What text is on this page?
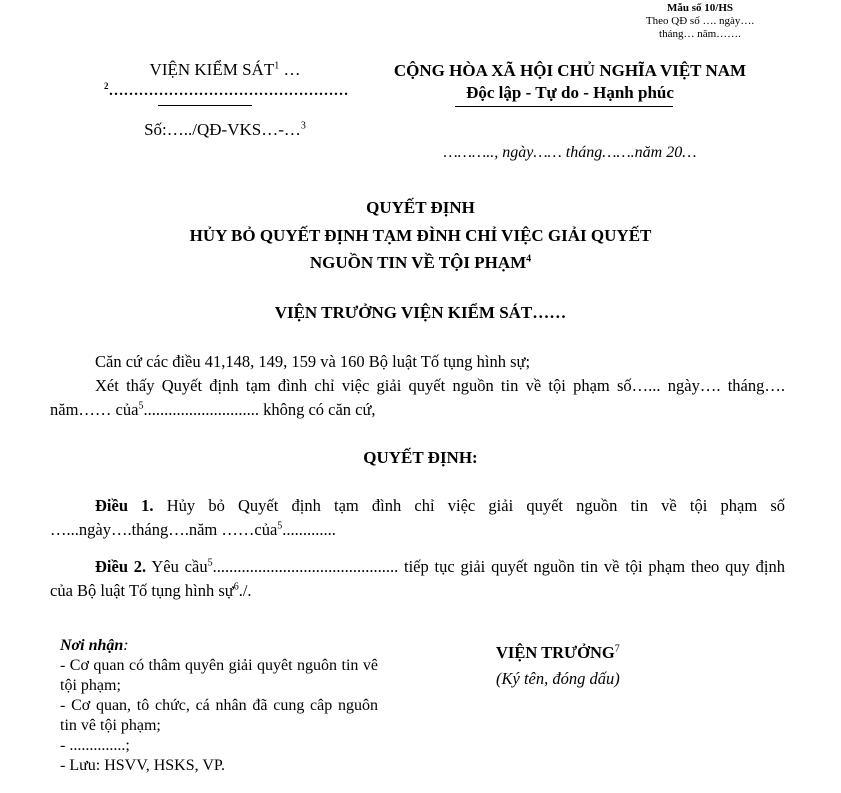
Mẫu số 10/HS
Theo QĐ số …. ngày….
tháng… năm…….
VIỆN KIỂM SÁT$^1$ …
$^2$…………………………………………
Số:…../QĐ-VKS…-…$^3$
CỘNG HÒA XÃ HỘI CHỦ NGHĨA VIỆT NAM
Độc lập - Tự do - Hạnh phúc
……….., ngày…… tháng…….năm 20…
QUYẾT ĐỊNH
HỦY BỎ QUYẾT ĐỊNH TẠM ĐÌNH CHỈ VIỆC GIẢI QUYẾT
NGUỒN TIN VỀ TỘI PHẠM$^4$
VIỆN TRƯỞNG VIỆN KIỂM SÁT……
Căn cứ các điều 41,148, 149, 159 và 160 Bộ luật Tố tụng hình sự;
Xét thấy Quyết định tạm đình chỉ việc giải quyết nguồn tin về tội phạm số…... ngày…. tháng…. năm…… của$^5$............................ không có căn cứ,
QUYẾT ĐỊNH:
Điều 1. Hủy bỏ Quyết định tạm đình chỉ việc giải quyết nguồn tin về tội phạm số …...ngày….tháng….năm ……của$^5$.............
Điều 2. Yêu cầu$^5$............................................. tiếp tục giải quyết nguồn tin về tội phạm theo quy định của Bộ luật Tố tụng hình sự$^6$./.
Nơi nhận:
- Cơ quan có thâm quyên giải quyêt nguôn tin vê tội phạm;
- Cơ quan, tô chức, cá nhân đã cung câp nguôn tin vê tội phạm;
- ..............;
- Lưu: HSVV, HSKS, VP.
VIỆN TRƯỞNG$^7$
(Ký tên, đóng dấu)
